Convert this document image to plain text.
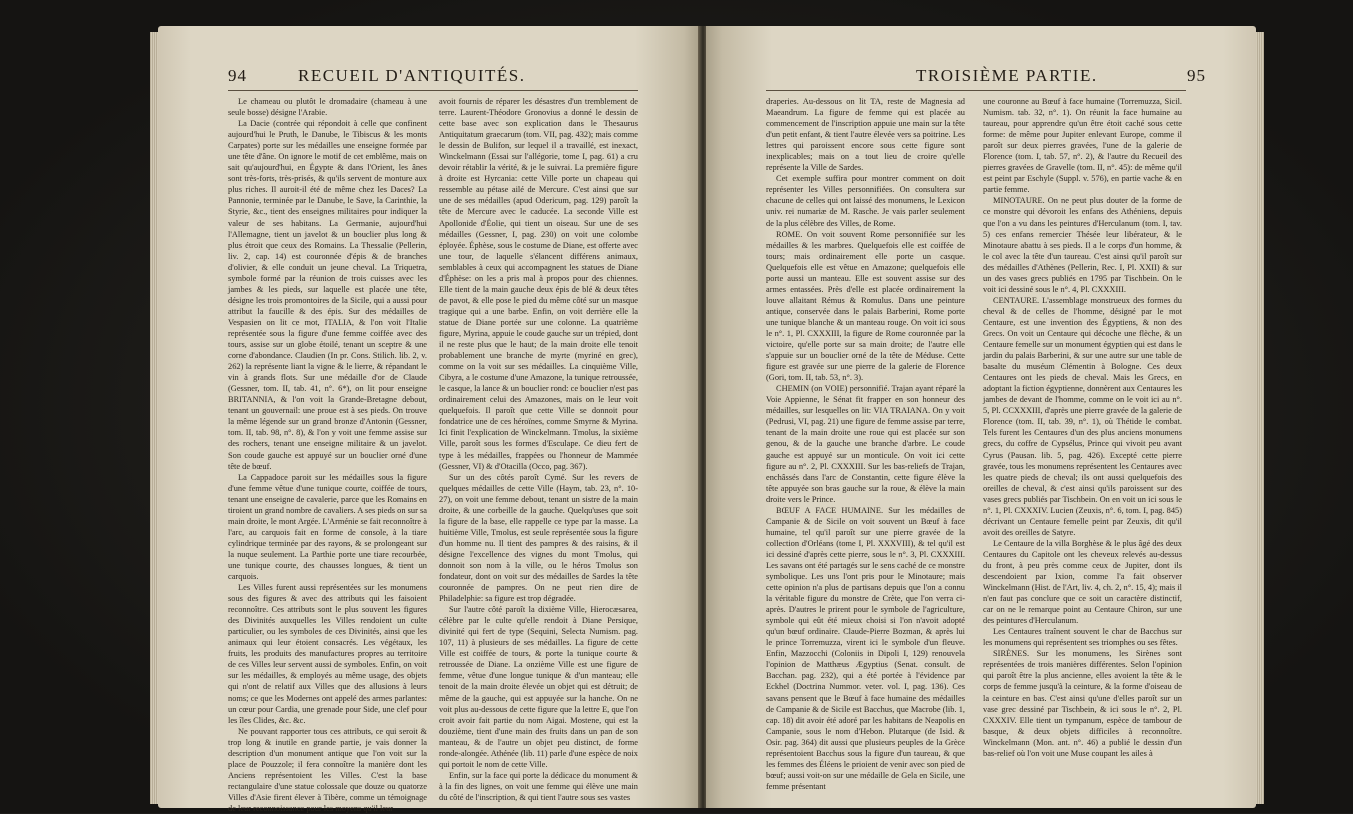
94	RECUEIL D'ANTIQUITÉS.

Le chameau ou plutôt le dromadaire (chameau à une seule bosse) désigne l'Arabie.

La Dacie (contrée qui répondoit à celle que confinent aujourd'hui le Pruth, le Danube, le Tibiscus & les monts Carpates) porte sur les médailles une enseigne formée par une tête d'âne. On ignore le motif de cet emblême, mais on sait qu'aujourd'hui, en Égypte & dans l'Orient, les ânes sont très-forts, très-prisés, & qu'ils servent de monture aux plus riches. Il auroit-il été de même chez les Daces? La Pannonie, terminée par le Danube, le Save, la Carinthie, la Styrie, &c., tient des enseignes militaires pour indiquer la valeur de ses habitans. La Germanie, aujourd'hui l'Allemagne, tient un javelot & un bouclier plus long & plus étroit que ceux des Romains. La Thessalie (Pellerin, liv. 2, cap. 14) est couronnée d'épis & de branches d'olivier, & elle conduit un jeune cheval. La Triquetra, symbole formé par la réunion de trois cuisses avec les jambes & les pieds, sur laquelle est placée une tête, désigne les trois promontoires de la Sicile, qui a aussi pour attribut la faucille & des épis. Sur des médailles de Vespasien on lit ce mot, ITALIA, & l'on voit l'Italie représentée sous la figure d'une femme coiffée avec des tours, assise sur un globe étoilé, tenant un sceptre & une corne d'abondance. Claudien (In pr. Cons. Stilich. lib. 2, v. 262) la représente liant la vigne & le lierre, & répandant le vin à grands flots. Sur une médaille d'or de Claude (Gessner, tom. II, tab. 41, n°. 6*), on lit pour enseigne BRITANNIA, & l'on voit la Grande-Bretagne debout, tenant un gouvernail: une proue est à ses pieds. On trouve la même légende sur un grand bronze d'Antonin (Gessner, tom. II, tab. 98, n°. 8), & l'on y voit une femme assise sur des rochers, tenant une enseigne militaire & un javelot. Son coude gauche est appuyé sur un bouclier orné d'une tête de bœuf.

La Cappadoce paroit sur les médailles sous la figure d'une femme vêtue d'une tunique courte, coiffée de tours, tenant une enseigne de cavalerie, parce que les Romains en tiroient un grand nombre de cavaliers. A ses pieds on sur sa main droite, le mont Argée. L'Arménie se fait reconnoître à l'arc, au carquois fait en forme de console, à la tiare cylindrique terminée par des rayons, & se prolongeant sur la nuque seulement. La Parthie porte une tiare recourbée, une tunique courte, des chausses longues, & tient un carquois.

Les Villes furent aussi représentées sur les monumens sous des figures & avec des attributs qui les faisoient reconnoître. Ces attributs sont le plus souvent les figures des Divinités auxquelles les Villes rendoient un culte particulier, ou les symboles de ces Divinités, ainsi que les animaux qui leur étoient consacrés. Les végétaux, les fruits, les produits des manufactures propres au territoire de ces Villes leur servent aussi de symboles. Enfin, on voit sur les médailles, & employés au même usage, des objets qui n'ont de relatif aux Villes que des allusions à leurs noms; ce que les Modernes ont appelé des armes parlantes: un cœur pour Cardia, une grenade pour Side, une clef pour les îles Clides, &c. &c.

Ne pouvant rapporter tous ces attributs, ce qui seroit & trop long & inutile en grande partie, je vais donner la description d'un monument antique que l'on voit sur la place de Pouzzole; il fera connoître la manière dont les Anciens représentoient les Villes. C'est la base rectangulaire d'une statue colossale que douze ou quatorze Villes d'Asie firent élever à Tibère, comme un témoignage de leur reconnoissance pour les moyens qu'il leur

avoit fournis de réparer les désastres d'un tremblement de terre. Laurent-Théodore Gronovius a donné le dessin de cette base avec son explication dans le Thesaurus Antiquitatum graecarum (tom. VII, pag. 432); mais comme le dessin de Bulifon, sur lequel il a travaillé, est inexact, Winckelmann (Essai sur l'allégorie, tome I, pag. 61) a cru devoir rétablir la vérité, & je le suivrai. La première figure à droite est Hyrcania: cette Ville porte un chapeau qui ressemble au pétase ailé de Mercure. C'est ainsi que sur une de ses médailles (apud Odericum, pag. 129) paroît la tête de Mercure avec le caducée. La seconde Ville est Apollonide d'Éolie, qui tient un oiseau. Sur une de ses médailles (Gessner, I, pag. 230) on voit une colombe éployée. Éphèse, sous le costume de Diane, est offerte avec une tour, de laquelle s'élancent différens animaux, semblables à ceux qui accompagnent les statues de Diane d'Éphèse: on les a pris mal à propos pour des chiennes. Elle tient de la main gauche deux épis de blé & deux têtes de pavot, & elle pose le pied du même côté sur un masque tragique qui a une barbe. Enfin, on voit derrière elle la statue de Diane portée sur une colonne. La quatrième figure, Myrina, appuie le coude gauche sur un trépied, dont il ne reste plus que le haut; de la main droite elle tenoit probablement une branche de myrte (myriné en grec), comme on la voit sur ses médailles. La cinquième Ville, Cibyra, a le costume d'une Amazone, la tunique retroussée, le casque, la lance & un bouclier rond: ce bouclier n'est pas ordinairement celui des Amazones, mais on le leur voit quelquefois. Il paroît que cette Ville se donnoit pour fondatrice une de ces héroïnes, comme Smyrne & Myrina. Ici finit l'explication de Winckelmann. Tmolus, la sixième Ville, paroît sous les formes d'Esculape. Ce dieu fert de type à les médailles, frappées ou l'honneur de Mammée (Gessner, VI) & d'Otacilla (Occo, pag. 367).

Sur un des côtés paroît Cymé. Sur les revers de quelques médailles de cette Ville (Haym, tab. 23, n°. 10-27), on voit une femme debout, tenant un sistre de la main droite, & une corbeille de la gauche. Quelqu'uses que soit la figure de la base, elle rappelle ce type par la masse. La huitième Ville, Tmolus, est seule représentée sous la figure d'un homme nu. Il tient des pampres & des raisins, & il désigne l'excellence des vignes du mont Tmolus, qui donnoit son nom à la ville, ou le héros Tmolus son fondateur, dont on voit sur des médailles de Sardes la tête couronnée de pampres. On ne peut rien dire de Philadelphie: sa figure est trop dégradée.

Sur l'autre côté paroît la dixième Ville, Hierocæsarea, célèbre par le culte qu'elle rendoit à Diane Persique, divinité qui fert de type (Sequini, Selecta Numism. pag. 107, 11) à plusieurs de ses médailles. La figure de cette Ville est coiffée de tours, & porte la tunique courte & retroussée de Diane. La onzième Ville est une figure de femme, vêtue d'une longue tunique & d'un manteau; elle tenoit de la main droite élevée un objet qui est détruit; de même de la gauche, qui est appuyée sur la hanche. On ne voit plus au-dessous de cette figure que la lettre E, que l'on croit avoir fait partie du nom Aigai. Mostene, qui est la douzième, tient d'une main des fruits dans un pan de son manteau, & de l'autre un objet peu distinct, de forme ronde-alongée. Athénée (lib. 11) parle d'une espèce de noix qui portoit le nom de cette Ville.

Enfin, sur la face qui porte la dédicace du monument & à la fin des lignes, on voit une femme qui élève une main du côté de l'inscription, & qui tient l'autre sous ses vastes

TROISIÈME PARTIE.	95

draperies. Au-dessous on lit TA, reste de Magnesia ad Maeandrum. La figure de femme qui est placée au commencement de l'inscription appuie une main sur la tête d'un petit enfant, & tient l'autre élevée vers sa poitrine. Les lettres qui paroissent encore sous cette figure sont inexplicables; mais on a tout lieu de croire qu'elle représente la Ville de Sardes.

Cet exemple suffira pour montrer comment on doit représenter les Villes personnifiées. On consultera sur chacune de celles qui ont laissé des monumens, le Lexicon univ. rei numariæ de M. Rasche. Je vais parler seulement de la plus célèbre des Villes, de Rome.

ROME. On voit souvent Rome personnifiée sur les médailles & les marbres. Quelquefois elle est coiffée de tours; mais ordinairement elle porte un casque. Quelquefois elle est vêtue en Amazone; quelquefois elle porte aussi un manteau. Elle est souvent assise sur des armes entassées. Près d'elle est placée ordinairement la louve allaitant Rémus & Romulus. Dans une peinture antique, conservée dans le palais Barberini, Rome porte une tunique blanche & un manteau rouge. On voit ici sous le n°. 1, Pl. CXXXIII, la figure de Rome couronnée par la victoire, qu'elle porte sur sa main droite; de l'autre elle s'appuie sur un bouclier orné de la tête de Méduse. Cette figure est gravée sur une pierre de la galerie de Florence (Gori, tom. II, tab. 53, n°. 3).

CHEMIN (on VOIE) personnifié. Trajan ayant réparé la Voie Appienne, le Sénat fit frapper en son honneur des médailles, sur lesquelles on lit: VIA TRAIANA. On y voit (Pedrusi, VI, pag. 21) une figure de femme assise par terre, tenant de la main droite une roue qui est placée sur son genou, & de la gauche une branche d'arbre. Le coude gauche est appuyé sur un monticule. On voit ici cette figure au n°. 2, Pl. CXXXIII. Sur les bas-reliefs de Trajan, enchâssés dans l'arc de Constantin, cette figure élève la tête appuyée son bras gauche sur la roue, & élève la main droite vers le Prince.

BŒUF A FACE HUMAINE. Sur les médailles de Campanie & de Sicile on voit souvent un Bœuf à face humaine, tel qu'il paroît sur une pierre gravée de la collection d'Orléans (tome I, Pl. XXXVIII), & tel qu'il est ici dessiné d'après cette pierre, sous le n°. 3, Pl. CXXXIII. Les savans ont été partagés sur le sens caché de ce monstre symbolique. Les uns l'ont pris pour le Minotaure; mais cette opinion n'a plus de partisans depuis que l'on a connu la véritable figure du monstre de Crète, que l'on verra ci-après. D'autres le prirent pour le symbole de l'agriculture, symbole qui eût été mieux choisi si l'on n'avoit adopté qu'un bœuf ordinaire. Claude-Pierre Bozman, & après lui le prince Torremuzza, virent ici le symbole d'un fleuve. Enfin, Mazzocchi (Coloniis in Dipoli I, 129) renouvela l'opinion de Matthæus Ægyptius (Senat. consult. de Bacchan. pag. 232), qui a été portée à l'évidence par Eckhel (Doctrina Nummor. veter. vol. I, pag. 136). Ces savans pensent que le Bœuf à face humaine des médailles de Campanie & de Sicile est Bacchus, que Macrobe (lib. 1, cap. 18) dit avoir été adoré par les habitans de Neapolis en Campanie, sous le nom d'Hebon. Plutarque (de Isid. & Osir. pag. 364) dit aussi que plusieurs peuples de la Grèce représentoient Bacchus sous la figure d'un taureau, & que les femmes des Éléens le prioient de venir avec son pied de bœuf; aussi voit-on sur une médaille de Gela en Sicile, une femme présentant

une couronne au Bœuf à face humaine (Torremuzza, Sicil. Numism. tab. 32, n°. 1). On réunit la face humaine au taureau, pour apprendre qu'un être étoit caché sous cette forme: de même pour Jupiter enlevant Europe, comme il paroît sur deux pierres gravées, l'une de la galerie de Florence (tom. I, tab. 57, n°. 2), & l'autre du Recueil des pierres gravées de Gravelle (tom. II, n°. 45): de même qu'il est peint par Eschyle (Suppl. v. 576), en partie vache & en partie femme.

MINOTAURE. On ne peut plus douter de la forme de ce monstre qui dévoroit les enfans des Athéniens, depuis que l'on a vu dans les peintures d'Herculanum (tom. I, tav. 5) ces enfans remercier Thésée leur libérateur, & le Minotaure abattu à ses pieds. Il a le corps d'un homme, & le col avec la tête d'un taureau. C'est ainsi qu'il paroît sur des médailles d'Athènes (Pellerin, Rec. I, Pl. XXII) & sur un des vases grecs publiés en 1795 par Tischbein. On le voit ici dessiné sous le n°. 4, Pl. CXXXIII.

CENTAURE. L'assemblage monstrueux des formes du cheval & de celles de l'homme, désigné par le mot Centaure, est une invention des Égyptiens, & non des Grecs. On voit un Centaure qui décoche une flèche, & un Centaure femelle sur un monument égyptien qui est dans le jardin du palais Barberini, & sur une autre sur une table de basalte du muséum Clémentin à Bologne. Ces deux Centaures ont les pieds de cheval. Mais les Grecs, en adoptant la fiction égyptienne, donnèrent aux Centaures les jambes de devant de l'homme, comme on le voit ici au n°. 5, Pl. CCXXXIII, d'après une pierre gravée de la galerie de Florence (tom. II, tab. 39, n°. 1), où Thétide le combat. Tels furent les Centaures d'un des plus anciens monumens grecs, du coffre de Cypsélus, Prince qui vivoit peu avant Cyrus (Pausan. lib. 5, pag. 426). Excepté cette pierre gravée, tous les monumens représentent les Centaures avec les quatre pieds de cheval; ils ont aussi quelquefois des oreilles de cheval, & c'est ainsi qu'ils paroissent sur des vases grecs publiés par Tischbein. On en voit un ici sous le n°. 1, Pl. CXXXIV. Lucien (Zeuxis, n°. 6, tom. I, pag. 845) décrivant un Centaure femelle peint par Zeuxis, dit qu'il avoit des oreilles de Satyre.

Le Centaure de la villa Borghèse & le plus âgé des deux Centaures du Capitole ont les cheveux relevés au-dessus du front, à peu près comme ceux de Jupiter, dont ils descendoient par Ixion, comme l'a fait observer Winckelmann (Hist. de l'Art, liv. 4, ch. 2, n°. 15, 4); mais il n'en faut pas conclure que ce soit un caractère distinctif, car on ne le remarque point au Centaure Chiron, sur une des peintures d'Herculanum.

Les Centaures traînent souvent le char de Bacchus sur les monumens qui représentent ses triomphes ou ses fêtes.

SIRÈNES. Sur les monumens, les Sirènes sont représentées de trois manières différentes. Selon l'opinion qui paroît être la plus ancienne, elles avoient la tête & le corps de femme jusqu'à la ceinture, & la forme d'oiseau de la ceinture en bas. C'est ainsi qu'une d'elles paroît sur un vase grec dessiné par Tischbein, & ici sous le n°. 2, Pl. CXXXIV. Elle tient un tympanum, espèce de tambour de basque, & deux objets difficiles à reconnoître. Winckelmann (Mon. ant. n°. 46) a publié le dessin d'un bas-relief où l'on voit une Muse coupant les ailes à
